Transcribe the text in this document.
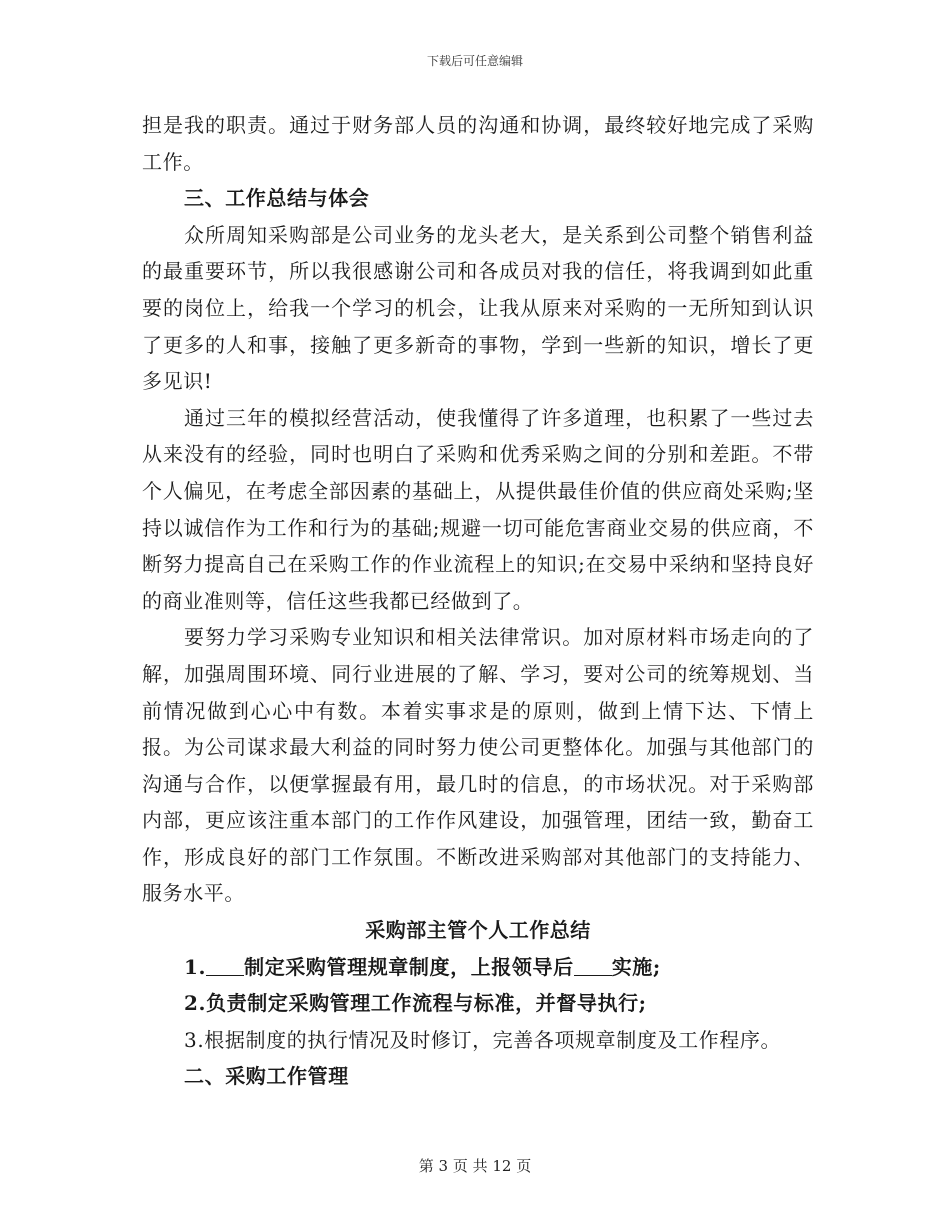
下载后可任意编辑

担是我的职责。通过于财务部人员的沟通和协调，最终较好地完成了采购工作。

三、工作总结与体会

众所周知采购部是公司业务的龙头老大，是关系到公司整个销售利益的最重要环节，所以我很感谢公司和各成员对我的信任，将我调到如此重要的岗位上，给我一个学习的机会，让我从原来对采购的一无所知到认识了更多的人和事，接触了更多新奇的事物，学到一些新的知识，增长了更多见识!

通过三年的模拟经营活动，使我懂得了许多道理，也积累了一些过去从来没有的经验，同时也明白了采购和优秀采购之间的分别和差距。不带个人偏见，在考虑全部因素的基础上，从提供最佳价值的供应商处采购;坚持以诚信作为工作和行为的基础;规避一切可能危害商业交易的供应商，不断努力提高自己在采购工作的作业流程上的知识;在交易中采纳和坚持良好的商业准则等，信任这些我都已经做到了。

要努力学习采购专业知识和相关法律常识。加对原材料市场走向的了解，加强周围环境、同行业进展的了解、学习，要对公司的统筹规划、当前情况做到心心中有数。本着实事求是的原则，做到上情下达、下情上报。为公司谋求最大利益的同时努力使公司更整体化。加强与其他部门的沟通与合作，以便掌握最有用，最几时的信息，的市场状况。对于采购部内部，更应该注重本部门的工作作风建设，加强管理，团结一致，勤奋工作，形成良好的部门工作氛围。不断改进采购部对其他部门的支持能力、服务水平。

采购部主管个人工作总结

1. 制定采购管理规章制度，上报领导后 实施;

2.负责制定采购管理工作流程与标准，并督导执行;

3.根据制度的执行情况及时修订，完善各项规章制度及工作程序。

二、采购工作管理

第 3 页 共 12 页
